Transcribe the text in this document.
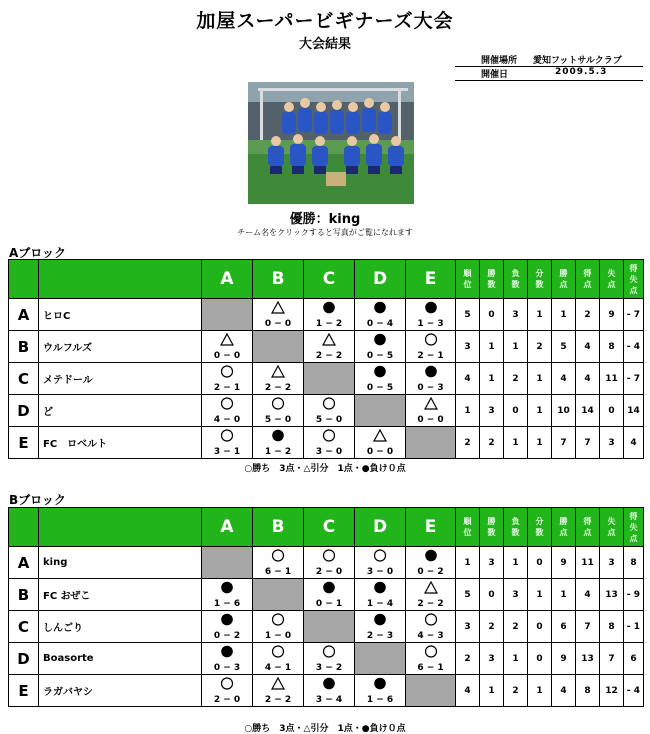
加屋スーパービギナーズ大会
大会結果
開催場所 愛知フットサルクラブ
開催日	2009.5.3
優勝：king
チーム名をクリックすると写真がご覧になれます
Aブロック
		A	B	C	D	E	順位	勝数	負数	分数	勝点	得点	失点	得失点
A	ヒロC		0 − 0	1 − 2	0 − 4	1 − 3	5	0	3	1	1	2	9	- 7
B	ウルフルズ	0 − 0		2 − 2	0 − 5	2 − 1	3	1	1	2	5	4	8	- 4
C	メテドール	2 − 1	2 − 2		0 − 5	0 − 3	4	1	2	1	4	4	11	- 7
D	ど	4 − 0	5 − 0	5 − 0		0 − 0	1	3	0	1	10	14	0	14
E	FC　ロベルト	3 − 1	1 − 2	3 − 0	0 − 0		2	2	1	1	7	7	3	4
○勝ち　3点・△引分　1点・●負け０点
Bブロック
		A	B	C	D	E	順位	勝数	負数	分数	勝点	得点	失点	得失点
A	king		6 − 1	2 − 0	3 − 0	0 − 2	1	3	1	0	9	11	3	8
B	FC おぜこ	1 − 6		0 − 1	1 − 4	2 − 2	5	0	3	1	1	4	13	- 9
C	しんごり	0 − 2	1 − 0		2 − 3	4 − 3	3	2	2	0	6	7	8	- 1
D	Boasorte	0 − 3	4 − 1	3 − 2		6 − 1	2	3	1	0	9	13	7	6
E	ラガバヤシ	2 − 0	2 − 2	3 − 4	1 − 6		4	1	2	1	4	8	12	- 4
○勝ち　3点・△引分　1点・●負け０点
